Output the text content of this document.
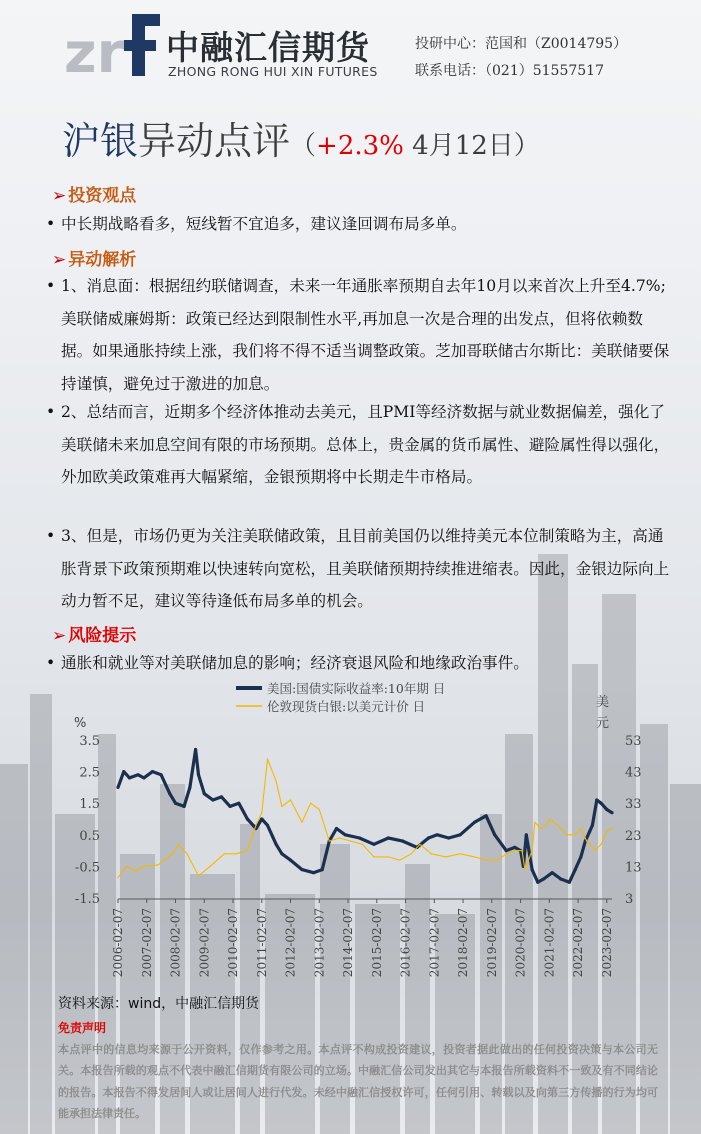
zr 中融汇信期货
ZHONG RONG HUI XIN FUTURES
投研中心：范国和（Z0014795）
联系电话：（021）51557517
沪银异动点评（+2.3% 4月12日）
➢ 投资观点
• 中长期战略看多，短线暂不宜追多，建议逢回调布局多单。
➢ 异动解析
• 1、消息面：根据纽约联储调查，未来一年通胀率预期自去年10月以来首次上升至4.7%;美联储威廉姆斯：政策已经达到限制性水平,再加息一次是合理的出发点，但将依赖数据。如果通胀持续上涨，我们将不得不适当调整政策。芝加哥联储古尔斯比：美联储要保持谨慎，避免过于激进的加息。
• 2、总结而言，近期多个经济体推动去美元，且PMI等经济数据与就业数据偏差，强化了美联储未来加息空间有限的市场预期。总体上，贵金属的货币属性、避险属性得以强化，外加欧美政策难再大幅紧缩，金银预期将中长期走牛市格局。
• 3、但是，市场仍更为关注美联储政策，且目前美国仍以维持美元本位制策略为主，高通胀背景下政策预期难以快速转向宽松，且美联储预期持续推进缩表。因此，金银边际向上动力暂不足，建议等待逢低布局多单的机会。
➢ 风险提示
• 通胀和就业等对美联储加息的影响；经济衰退风险和地缘政治事件。
美国:国债实际收益率:10年期 日
伦敦现货白银:以美元计价 日
%
美
元
3.5
2.5
1.5
0.5
-0.5
-1.5
53
43
33
23
13
3
2006-02-07 2007-02-07 2008-02-07 2009-02-07 2010-02-07 2011-02-07 2012-02-07 2013-02-07 2014-02-07 2015-02-07 2016-02-07 2017-02-07 2018-02-07 2019-02-07 2020-02-07 2021-02-07 2022-02-07 2023-02-07
资料来源：wind，中融汇信期货
免责声明
本点评中的信息均来源于公开资料，仅作参考之用。本点评不构成投资建议，投资者据此做出的任何投资决策与本公司无关。本报告所载的观点不代表中融汇信期货有限公司的立场。中融汇信公司发出其它与本报告所载资料不一致及有不同结论的报告。本报告不得发居间人或让居间人进行代发。未经中融汇信授权许可，任何引用、转载以及向第三方传播的行为均可能承担法律责任。
